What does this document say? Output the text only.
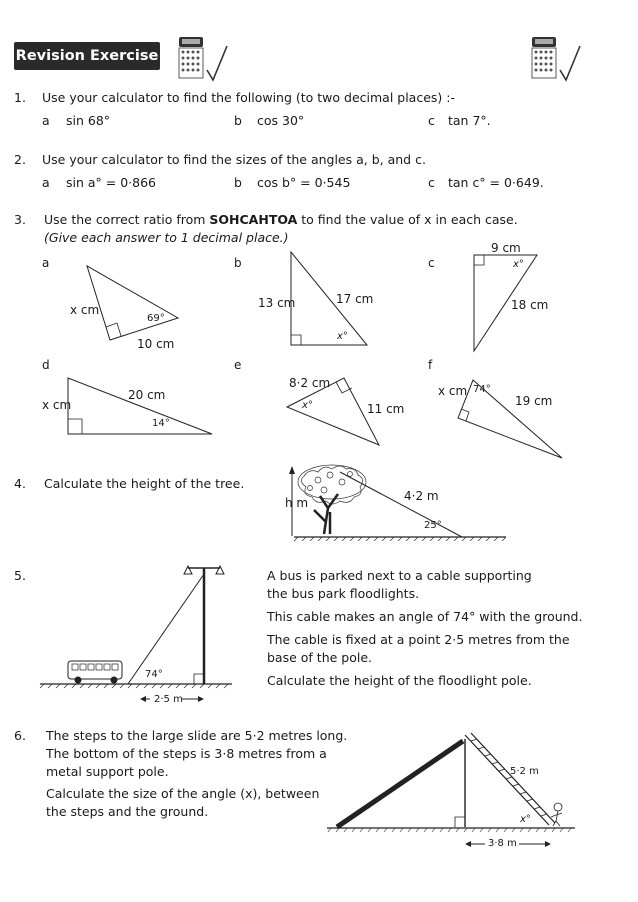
Revision Exercise
1. Use your calculator to find the following (to two decimal places) :-
a sin 68°	b cos 30°	c tan 7°.
2. Use your calculator to find the sizes of the angles a, b, and c.
a sin a° = 0·866	b cos b° = 0·545	c tan c° = 0·649.
3. Use the correct ratio from SOHCAHTOA to find the value of x in each case.
(Give each answer to 1 decimal place.)
a
x cm
69°
10 cm
b
13 cm	17 cm
x°
c
9 cm
x°
18 cm
d
x cm
20 cm
14°
e
8·2 cm
x°	11 cm
f
x cm 74°
19 cm
4. Calculate the height of the tree.
h m	4·2 m
25°
5.
74°
2·5 m
A bus is parked next to a cable supporting
the bus park floodlights.
This cable makes an angle of 74° with the ground.
The cable is fixed at a point 2·5 metres from the
base of the pole.
Calculate the height of the floodlight pole.
6. The steps to the large slide are 5·2 metres long.
The bottom of the steps is 3·8 metres from a
metal support pole.
Calculate the size of the angle (x), between
the steps and the ground.
5·2 m
x°
3·8 m
